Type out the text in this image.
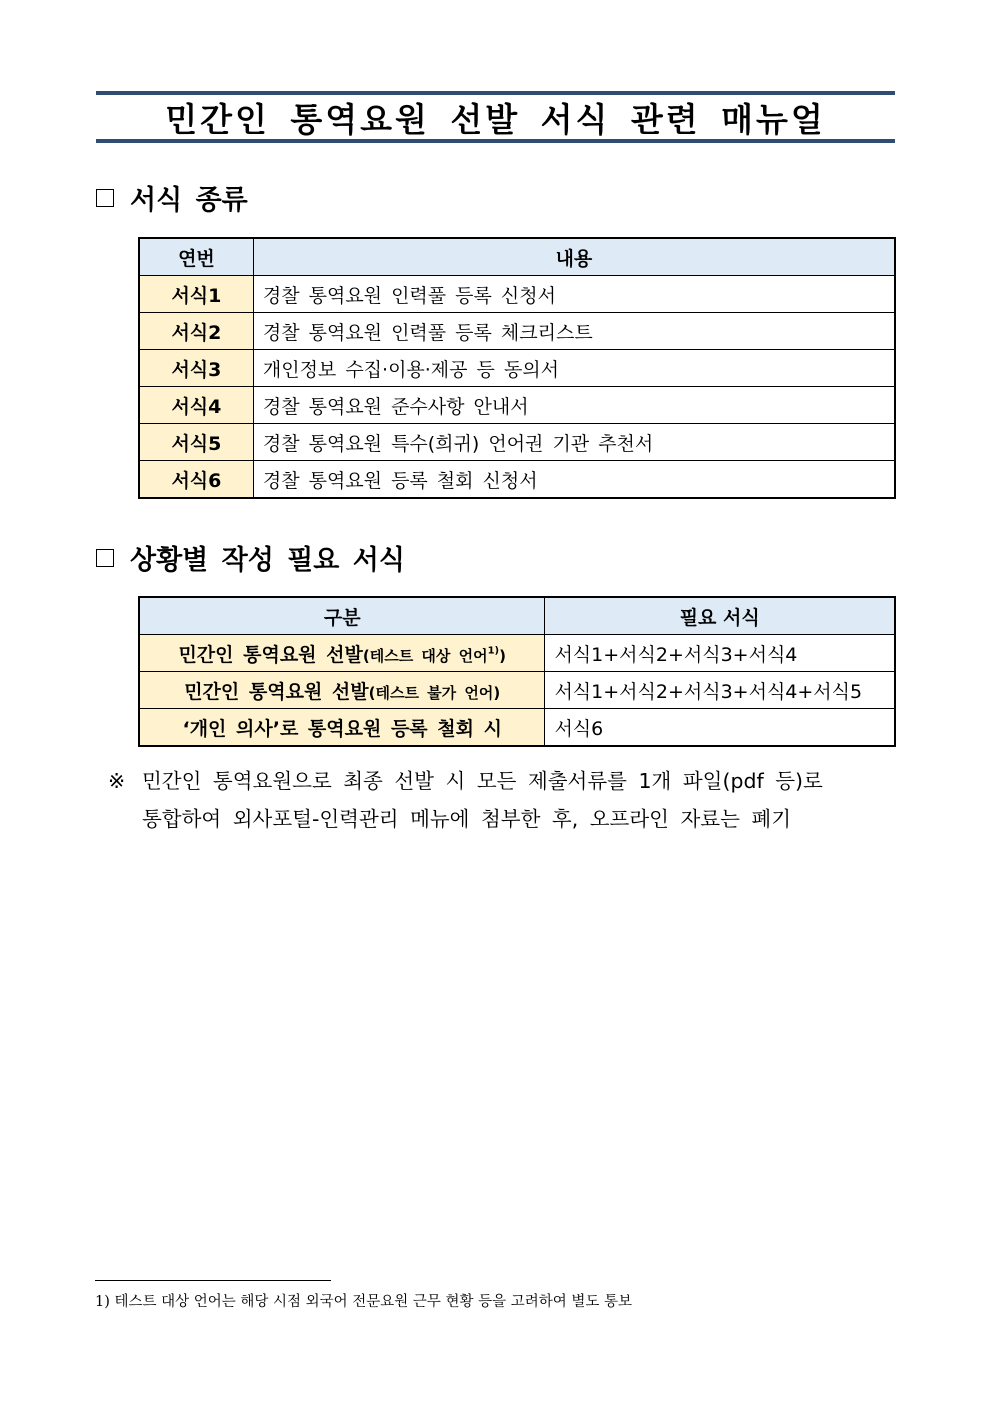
민간인 통역요원 선발 서식 관련 매뉴얼
서식 종류
연번	내용
서식1	경찰 통역요원 인력풀 등록 신청서
서식2	경찰 통역요원 인력풀 등록 체크리스트
서식3	개인정보 수집·이용·제공 등 동의서
서식4	경찰 통역요원 준수사항 안내서
서식5	경찰 통역요원 특수(희귀) 언어권 기관 추천서
서식6	경찰 통역요원 등록 철회 신청서
상황별 작성 필요 서식
구분	필요 서식
민간인 통역요원 선발(테스트 대상 언어$^{1)}$)	서식1+서식2+서식3+서식4
민간인 통역요원 선발(테스트 불가 언어)	서식1+서식2+서식3+서식4+서식5
‘개인 의사’로 통역요원 등록 철회 시	서식6
※ 민간인 통역요원으로 최종 선발 시 모든 제출서류를 1개 파일(pdf 등)로
통합하여 외사포털-인력관리 메뉴에 첨부한 후, 오프라인 자료는 폐기
1) 테스트 대상 언어는 해당 시점 외국어 전문요원 근무 현황 등을 고려하여 별도 통보
